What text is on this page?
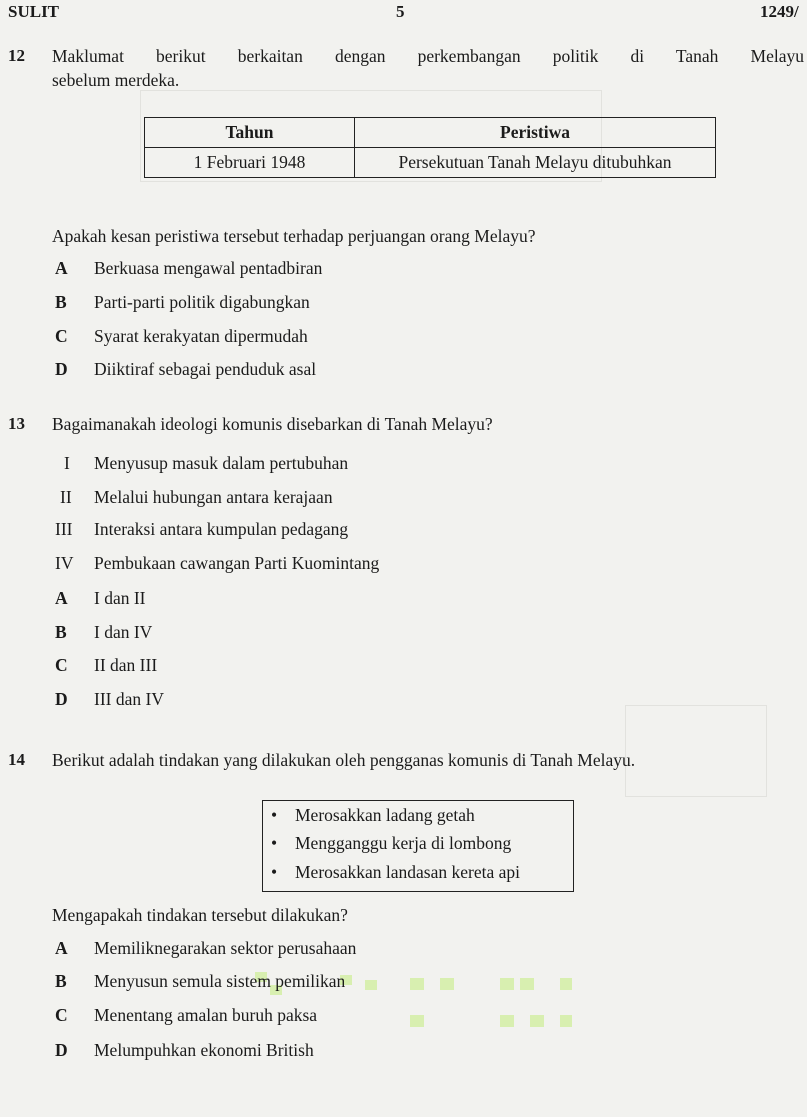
SULIT	5	1249/
12 Maklumat berikut berkaitan dengan perkembangan politik di Tanah Melayu
sebelum merdeka.
Tahun	Peristiwa
1 Februari 1948	Persekutuan Tanah Melayu ditubuhkan
Apakah kesan peristiwa tersebut terhadap perjuangan orang Melayu?
A Berkuasa mengawal pentadbiran
B Parti-parti politik digabungkan
C Syarat kerakyatan dipermudah
D Diiktiraf sebagai penduduk asal
13 Bagaimanakah ideologi komunis disebarkan di Tanah Melayu?
I Menyusup masuk dalam pertubuhan
II Melalui hubungan antara kerajaan
III Interaksi antara kumpulan pedagang
IV Pembukaan cawangan Parti Kuomintang
A I dan II
B I dan IV
C II dan III
D III dan IV
14 Berikut adalah tindakan yang dilakukan oleh pengganas komunis di Tanah Melayu.
• Merosakkan ladang getah
• Mengganggu kerja di lombong
• Merosakkan landasan kereta api
Mengapakah tindakan tersebut dilakukan?
A Memiliknegarakan sektor perusahaan
B Menyusun semula sistem pemilikan
C Menentang amalan buruh paksa
D Melumpuhkan ekonomi British
